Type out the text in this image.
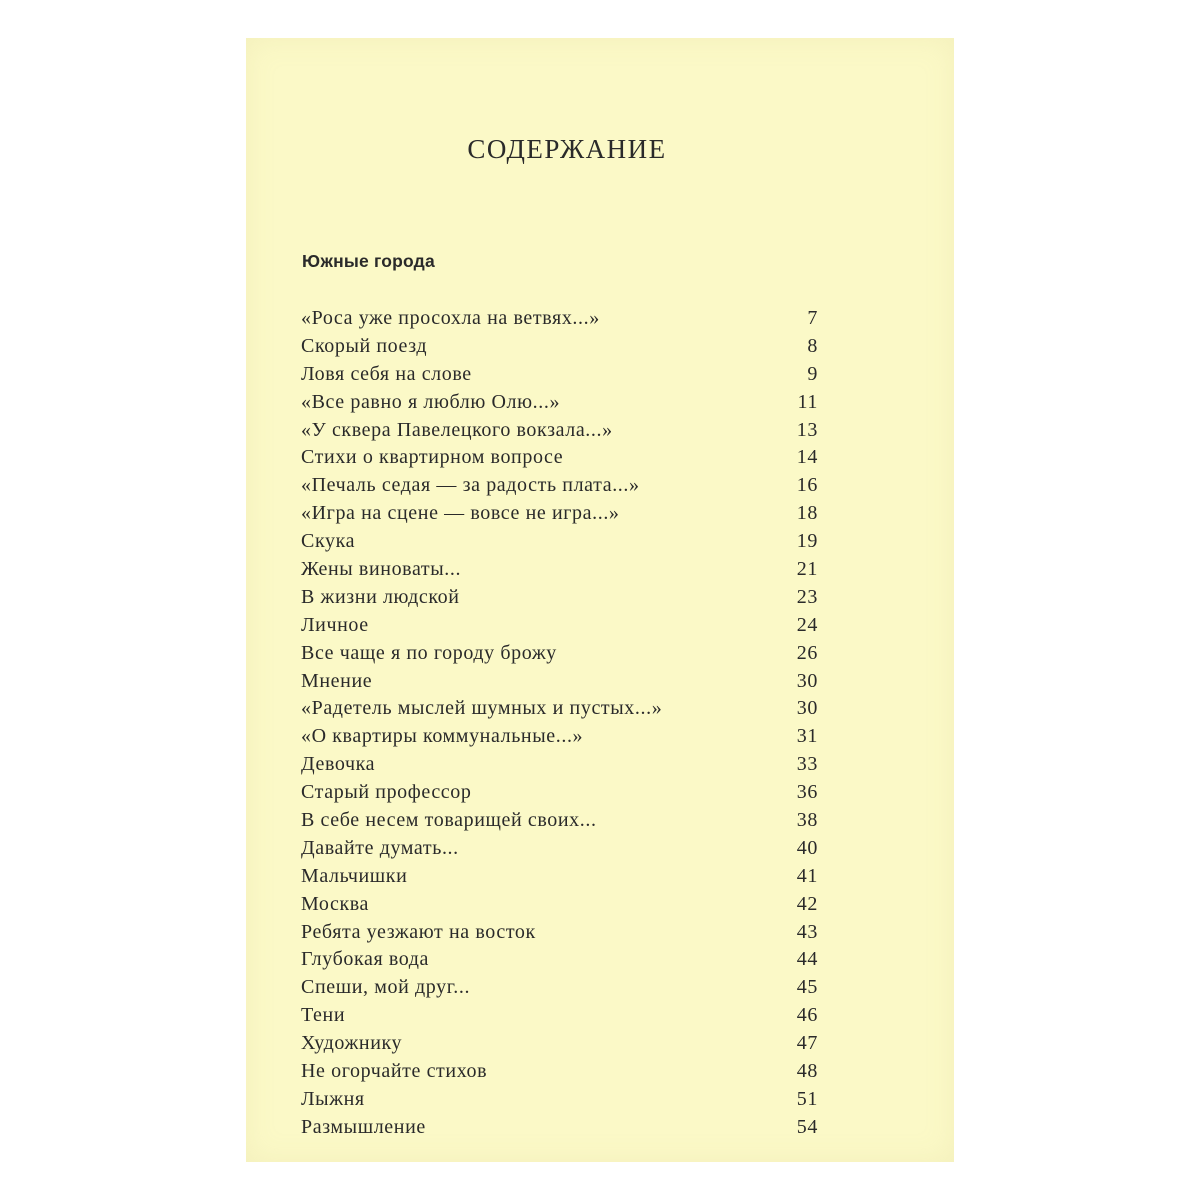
СОДЕРЖАНИЕ
Южные города
«Роса уже просохла на ветвях...»	7
Скорый поезд	8
Ловя себя на слове	9
«Все равно я люблю Олю...»	11
«У сквера Павелецкого вокзала...»	13
Стихи о квартирном вопросе	14
«Печаль седая — за радость плата...»	16
«Игра на сцене — вовсе не игра...»	18
Скука	19
Жены виноваты...	21
В жизни людской	23
Личное	24
Все чаще я по городу брожу	26
Мнение	30
«Радетель мыслей шумных и пустых...»	30
«О квартиры коммунальные...»	31
Девочка	33
Старый профессор	36
В себе несем товарищей своих...	38
Давайте думать...	40
Мальчишки	41
Москва	42
Ребята уезжают на восток	43
Глубокая вода	44
Спеши, мой друг...	45
Тени	46
Художнику	47
Не огорчайте стихов	48
Лыжня	51
Размышление	54
